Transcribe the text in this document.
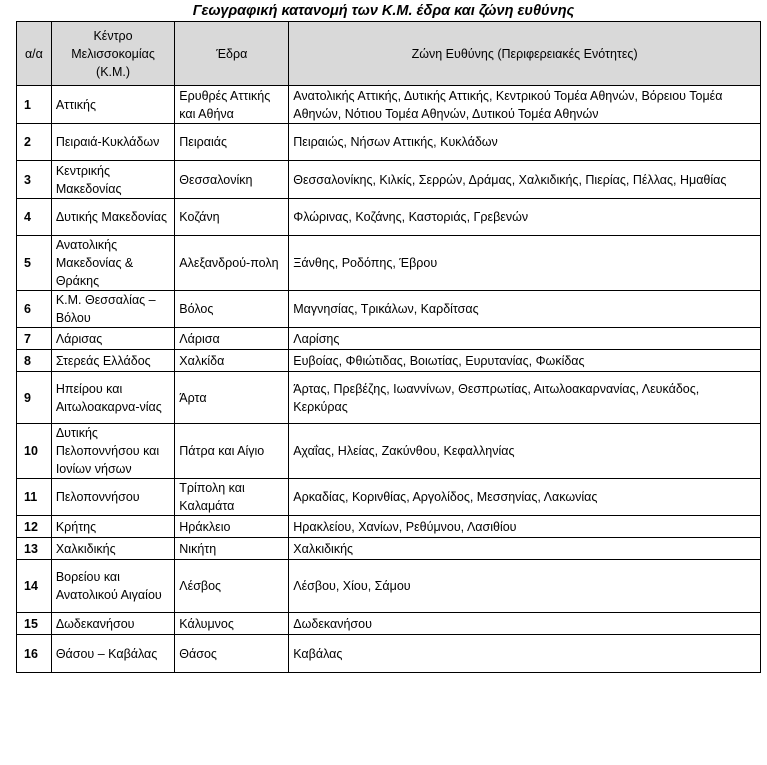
Γεωγραφική κατανομή των Κ.Μ. έδρα και ζώνη ευθύνης
α/α	Κέντρο Μελισσοκομίας (Κ.Μ.)	Έδρα	Ζώνη Ευθύνης (Περιφερειακές Ενότητες)
1	Αττικής	Ερυθρές Αττικής και Αθήνα	Ανατολικής Αττικής, Δυτικής Αττικής, Κεντρικού Τομέα Αθηνών, Βόρειου Τομέα Αθηνών, Νότιου Τομέα Αθηνών, Δυτικού Τομέα Αθηνών
2	Πειραιά-Κυκλάδων	Πειραιάς	Πειραιώς, Νήσων Αττικής, Κυκλάδων
3	Κεντρικής Μακεδονίας	Θεσσαλονίκη	Θεσσαλονίκης, Κιλκίς, Σερρών, Δράμας, Χαλκιδικής, Πιερίας, Πέλλας, Ημαθίας
4	Δυτικής Μακεδονίας	Κοζάνη	Φλώρινας, Κοζάνης, Καστοριάς, Γρεβενών
5	Ανατολικής Μακεδονίας & Θράκης	Αλεξανδρού-πολη	Ξάνθης, Ροδόπης, Έβρου
6	Κ.Μ. Θεσσαλίας – Βόλου	Βόλος	Μαγνησίας, Τρικάλων, Καρδίτσας
7	Λάρισας	Λάρισα	Λαρίσης
8	Στερεάς Ελλάδος	Χαλκίδα	Ευβοίας, Φθιώτιδας, Βοιωτίας, Ευρυτανίας, Φωκίδας
9	Ηπείρου και Αιτωλοακαρνα-νίας	Άρτα	Άρτας, Πρεβέζης, Ιωαννίνων, Θεσπρωτίας, Αιτωλοακαρνανίας, Λευκάδος, Κερκύρας
10	Δυτικής Πελοποννήσου και Ιονίων νήσων	Πάτρα και Αίγιο	Αχαΐας, Ηλείας, Ζακύνθου, Κεφαλληνίας
11	Πελοποννήσου	Τρίπολη και Καλαμάτα	Αρκαδίας, Κορινθίας, Αργολίδος, Μεσσηνίας, Λακωνίας
12	Κρήτης	Ηράκλειο	Ηρακλείου, Χανίων, Ρεθύμνου, Λασιθίου
13	Χαλκιδικής	Νικήτη	Χαλκιδικής
14	Βορείου και Ανατολικού Αιγαίου	Λέσβος	Λέσβου, Χίου, Σάμου
15	Δωδεκανήσου	Κάλυμνος	Δωδεκανήσου
16	Θάσου – Καβάλας	Θάσος	Καβάλας
